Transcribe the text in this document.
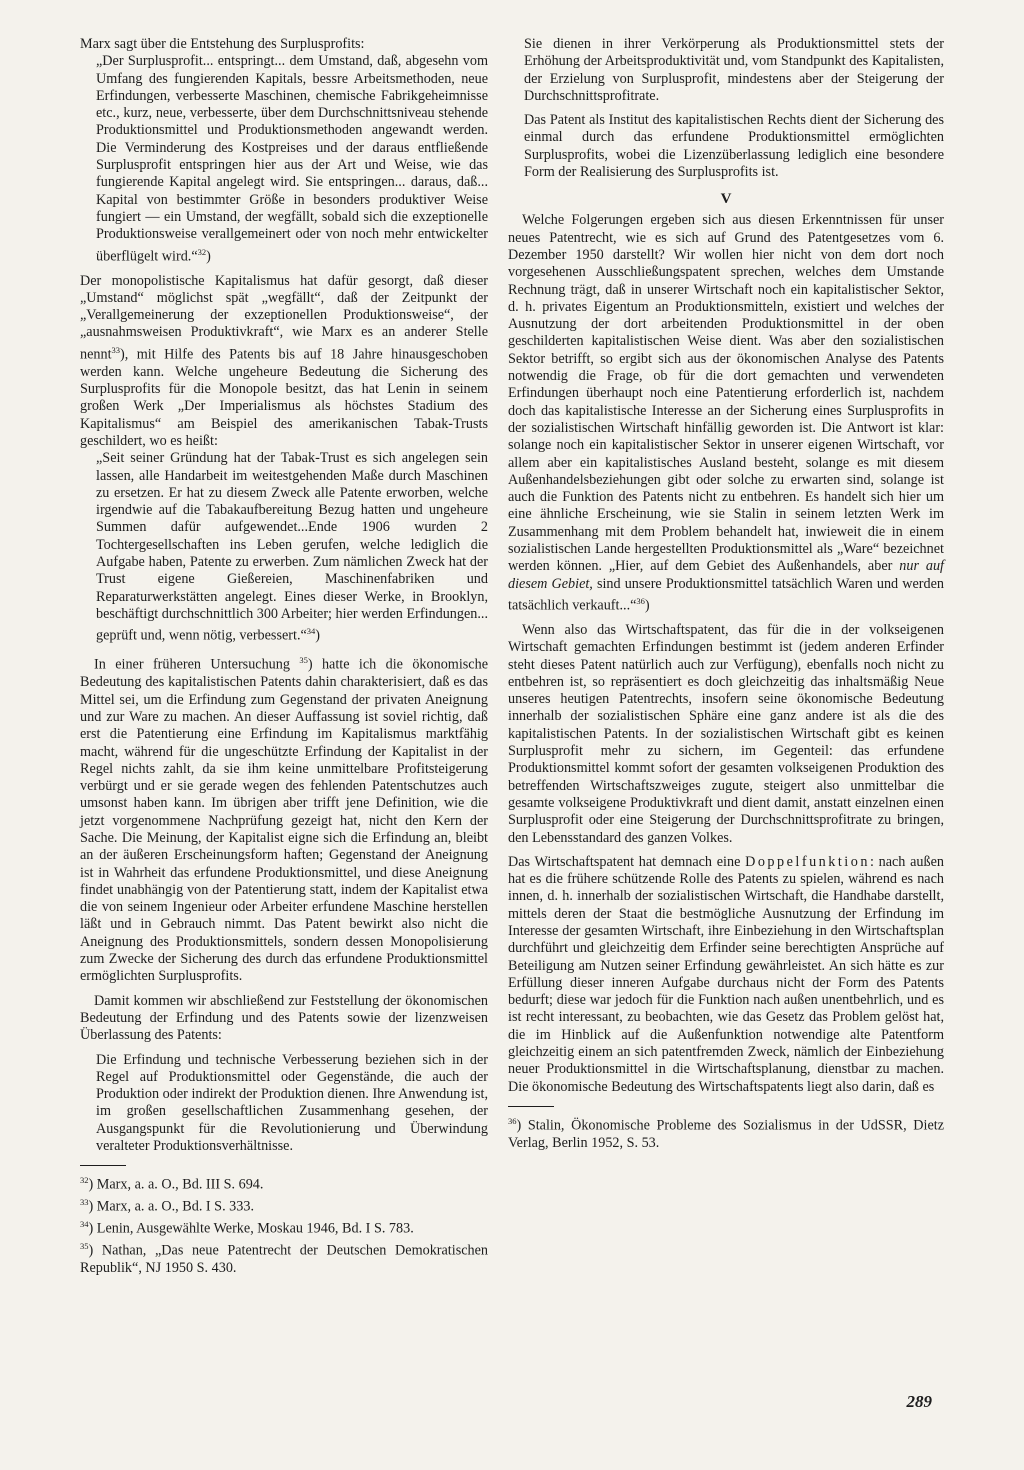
Marx sagt über die Entstehung des Surplusprofits:

„Der Surplusprofit... entspringt... dem Umstand, daß, abgesehn vom Umfang des fungierenden Kapitals, bessre Arbeitsmethoden, neue Erfindungen, verbesserte Maschinen, chemische Fabrikgeheimnisse etc., kurz, neue, verbesserte, über dem Durchschnittsniveau stehende Produktionsmittel und Produktionsmethoden angewandt werden. Die Verminderung des Kostpreises und der daraus entfließende Surplusprofit entspringen hier aus der Art und Weise, wie das fungierende Kapital angelegt wird. Sie entspringen... daraus, daß... Kapital von bestimmter Größe in besonders produktiver Weise fungiert — ein Umstand, der wegfällt, sobald sich die exzeptionelle Produktionsweise verallgemeinert oder von noch mehr entwickelter überflügelt wird.“$^{32}$)

Der monopolistische Kapitalismus hat dafür gesorgt, daß dieser „Umstand“ möglichst spät „wegfällt“, daß der Zeitpunkt der „Verallgemeinerung der exzeptionellen Produktionsweise“, der „ausnahmsweisen Produktivkraft“, wie Marx es an anderer Stelle nennt$^{33}$), mit Hilfe des Patents bis auf 18 Jahre hinausgeschoben werden kann. Welche ungeheure Bedeutung die Sicherung des Surplusprofits für die Monopole besitzt, das hat Lenin in seinem großen Werk „Der Imperialismus als höchstes Stadium des Kapitalismus“ am Beispiel des amerikanischen Tabak-Trusts geschildert, wo es heißt:

„Seit seiner Gründung hat der Tabak-Trust es sich angelegen sein lassen, alle Handarbeit im weitestgehenden Maße durch Maschinen zu ersetzen. Er hat zu diesem Zweck alle Patente erworben, welche irgendwie auf die Tabakaufbereitung Bezug hatten und ungeheure Summen dafür aufgewendet...Ende 1906 wurden 2 Tochtergesellschaften ins Leben gerufen, welche lediglich die Aufgabe haben, Patente zu erwerben. Zum nämlichen Zweck hat der Trust eigene Gießereien, Maschinenfabriken und Reparaturwerkstätten angelegt. Eines dieser Werke, in Brooklyn, beschäftigt durchschnittlich 300 Arbeiter; hier werden Erfindungen... geprüft und, wenn nötig, verbessert.“$^{34}$)

In einer früheren Untersuchung $^{35}$) hatte ich die ökonomische Bedeutung des kapitalistischen Patents dahin charakterisiert, daß es das Mittel sei, um die Erfindung zum Gegenstand der privaten Aneignung und zur Ware zu machen. An dieser Auffassung ist soviel richtig, daß erst die Patentierung eine Erfindung im Kapitalismus marktfähig macht, während für die ungeschützte Erfindung der Kapitalist in der Regel nichts zahlt, da sie ihm keine unmittelbare Profitsteigerung verbürgt und er sie gerade wegen des fehlenden Patentschutzes auch umsonst haben kann. Im übrigen aber trifft jene Definition, wie die jetzt vorgenommene Nachprüfung gezeigt hat, nicht den Kern der Sache. Die Meinung, der Kapitalist eigne sich die Erfindung an, bleibt an der äußeren Erscheinungsform haften; Gegenstand der Aneignung ist in Wahrheit das erfundene Produktionsmittel, und diese Aneignung findet unabhängig von der Patentierung statt, indem der Kapitalist etwa die von seinem Ingenieur oder Arbeiter erfundene Maschine herstellen läßt und in Gebrauch nimmt. Das Patent bewirkt also nicht die Aneignung des Produktionsmittels, sondern dessen Monopolisierung zum Zwecke der Sicherung des durch das erfundene Produktionsmittel ermöglichten Surplusprofits.

Damit kommen wir abschließend zur Feststellung der ökonomischen Bedeutung der Erfindung und des Patents sowie der lizenzweisen Überlassung des Patents:

Die Erfindung und technische Verbesserung beziehen sich in der Regel auf Produktionsmittel oder Gegenstände, die auch der Produktion oder indirekt der Produktion dienen. Ihre Anwendung ist, im großen gesellschaftlichen Zusammenhang gesehen, der Ausgangspunkt für die Revolutionierung und Überwindung veralteter Produktionsverhältnisse.

$^{32}$) Marx, a. a. O., Bd. III S. 694.

$^{33}$) Marx, a. a. O., Bd. I S. 333.

$^{34}$) Lenin, Ausgewählte Werke, Moskau 1946, Bd. I S. 783.

$^{35}$) Nathan, „Das neue Patentrecht der Deutschen Demokratischen Republik“, NJ 1950 S. 430.

Sie dienen in ihrer Verkörperung als Produktionsmittel stets der Erhöhung der Arbeitsproduktivität und, vom Standpunkt des Kapitalisten, der Erzielung von Surplusprofit, mindestens aber der Steigerung der Durchschnittsprofitrate.

Das Patent als Institut des kapitalistischen Rechts dient der Sicherung des einmal durch das erfundene Produktionsmittel ermöglichten Surplusprofits, wobei die Lizenzüberlassung lediglich eine besondere Form der Realisierung des Surplusprofits ist.

V

Welche Folgerungen ergeben sich aus diesen Erkenntnissen für unser neues Patentrecht, wie es sich auf Grund des Patentgesetzes vom 6. Dezember 1950 darstellt? Wir wollen hier nicht von dem dort noch vorgesehenen Ausschließungspatent sprechen, welches dem Umstande Rechnung trägt, daß in unserer Wirtschaft noch ein kapitalistischer Sektor, d. h. privates Eigentum an Produktionsmitteln, existiert und welches der Ausnutzung der dort arbeitenden Produktionsmittel in der oben geschilderten kapitalistischen Weise dient. Was aber den sozialistischen Sektor betrifft, so ergibt sich aus der ökonomischen Analyse des Patents notwendig die Frage, ob für die dort gemachten und verwendeten Erfindungen überhaupt noch eine Patentierung erforderlich ist, nachdem doch das kapitalistische Interesse an der Sicherung eines Surplusprofits in der sozialistischen Wirtschaft hinfällig geworden ist. Die Antwort ist klar: solange noch ein kapitalistischer Sektor in unserer eigenen Wirtschaft, vor allem aber ein kapitalistisches Ausland besteht, solange es mit diesem Außenhandelsbeziehungen gibt oder solche zu erwarten sind, solange ist auch die Funktion des Patents nicht zu entbehren. Es handelt sich hier um eine ähnliche Erscheinung, wie sie Stalin in seinem letzten Werk im Zusammenhang mit dem Problem behandelt hat, inwieweit die in einem sozialistischen Lande hergestellten Produktionsmittel als „Ware“ bezeichnet werden können. „Hier, auf dem Gebiet des Außenhandels, aber nur auf diesem Gebiet, sind unsere Produktionsmittel tatsächlich Waren und werden tatsächlich verkauft...“$^{36}$)

Wenn also das Wirtschaftspatent, das für die in der volkseigenen Wirtschaft gemachten Erfindungen bestimmt ist (jedem anderen Erfinder steht dieses Patent natürlich auch zur Verfügung), ebenfalls noch nicht zu entbehren ist, so repräsentiert es doch gleichzeitig das inhaltsmäßig Neue unseres heutigen Patentrechts, insofern seine ökonomische Bedeutung innerhalb der sozialistischen Sphäre eine ganz andere ist als die des kapitalistischen Patents. In der sozialistischen Wirtschaft gibt es keinen Surplusprofit mehr zu sichern, im Gegenteil: das erfundene Produktionsmittel kommt sofort der gesamten volkseigenen Produktion des betreffenden Wirtschaftszweiges zugute, steigert also unmittelbar die gesamte volkseigene Produktivkraft und dient damit, anstatt einzelnen einen Surplusprofit oder eine Steigerung der Durchschnittsprofitrate zu bringen, den Lebensstandard des ganzen Volkes.

Das Wirtschaftspatent hat demnach eine Doppelfunktion: nach außen hat es die frühere schützende Rolle des Patents zu spielen, während es nach innen, d. h. innerhalb der sozialistischen Wirtschaft, die Handhabe darstellt, mittels deren der Staat die bestmögliche Ausnutzung der Erfindung im Interesse der gesamten Wirtschaft, ihre Einbeziehung in den Wirtschaftsplan durchführt und gleichzeitig dem Erfinder seine berechtigten Ansprüche auf Beteiligung am Nutzen seiner Erfindung gewährleistet. An sich hätte es zur Erfüllung dieser inneren Aufgabe durchaus nicht der Form des Patents bedurft; diese war jedoch für die Funktion nach außen unentbehrlich, und es ist recht interessant, zu beobachten, wie das Gesetz das Problem gelöst hat, die im Hinblick auf die Außenfunktion notwendige alte Patentform gleichzeitig einem an sich patentfremden Zweck, nämlich der Einbeziehung neuer Produktionsmittel in die Wirtschaftsplanung, dienstbar zu machen. Die ökonomische Bedeutung des Wirtschaftspatents liegt also darin, daß es

$^{36}$) Stalin, Ökonomische Probleme des Sozialismus in der UdSSR, Dietz Verlag, Berlin 1952, S. 53.

289
